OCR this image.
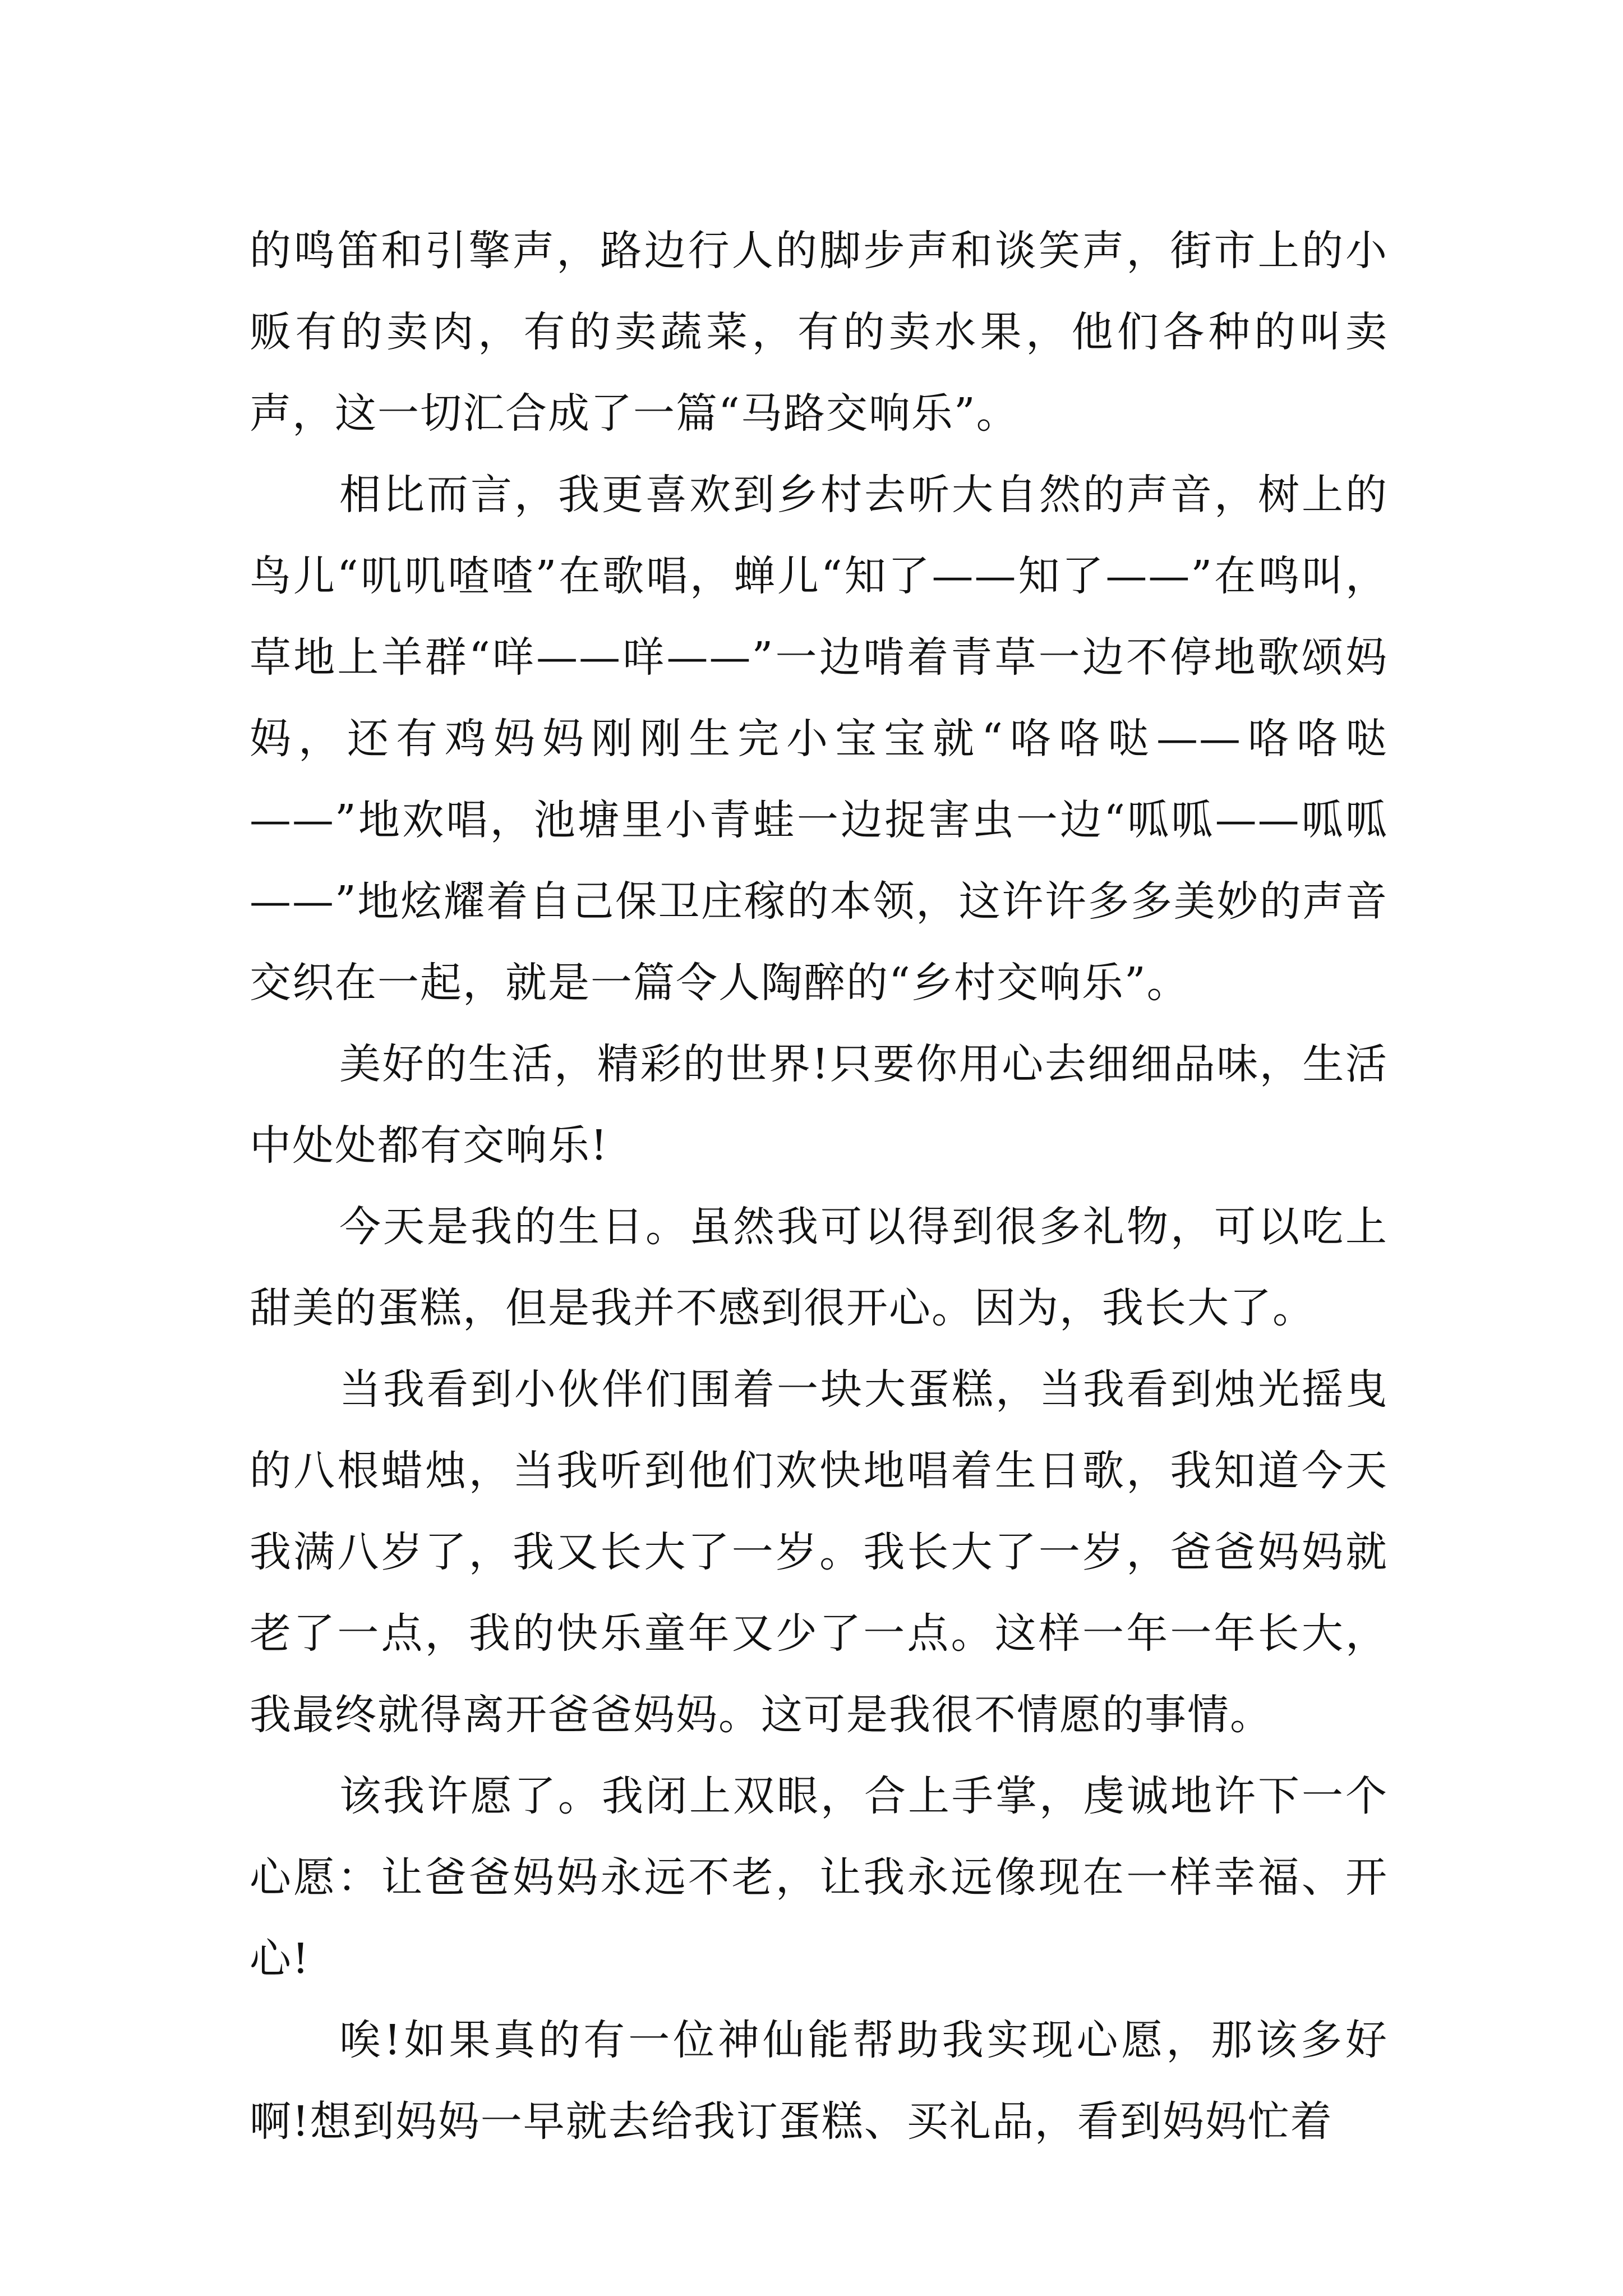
的鸣笛和引擎声，路边行人的脚步声和谈笑声，街市上的小贩有的卖肉，有的卖蔬菜，有的卖水果，他们各种的叫卖声，这一切汇合成了一篇“马路交响乐”。

相比而言，我更喜欢到乡村去听大自然的声音，树上的鸟儿“叽叽喳喳”在歌唱，蝉儿“知了——知了——”在鸣叫，草地上羊群“咩——咩——”一边啃着青草一边不停地歌颂妈妈，还有鸡妈妈刚刚生完小宝宝就“咯咯哒——咯咯哒——”地欢唱，池塘里小青蛙一边捉害虫一边“呱呱——呱呱——”地炫耀着自己保卫庄稼的本领，这许许多多美妙的声音交织在一起，就是一篇令人陶醉的“乡村交响乐”。

美好的生活，精彩的世界!只要你用心去细细品味，生活中处处都有交响乐!

今天是我的生日。虽然我可以得到很多礼物，可以吃上甜美的蛋糕，但是我并不感到很开心。因为，我长大了。

当我看到小伙伴们围着一块大蛋糕，当我看到烛光摇曳的八根蜡烛，当我听到他们欢快地唱着生日歌，我知道今天我满八岁了，我又长大了一岁。我长大了一岁，爸爸妈妈就老了一点，我的快乐童年又少了一点。这样一年一年长大，我最终就得离开爸爸妈妈。这可是我很不情愿的事情。

该我许愿了。我闭上双眼，合上手掌，虔诚地许下一个心愿：让爸爸妈妈永远不老，让我永远像现在一样幸福、开心!

唉!如果真的有一位神仙能帮助我实现心愿，那该多好啊!想到妈妈一早就去给我订蛋糕、买礼品，看到妈妈忙着
